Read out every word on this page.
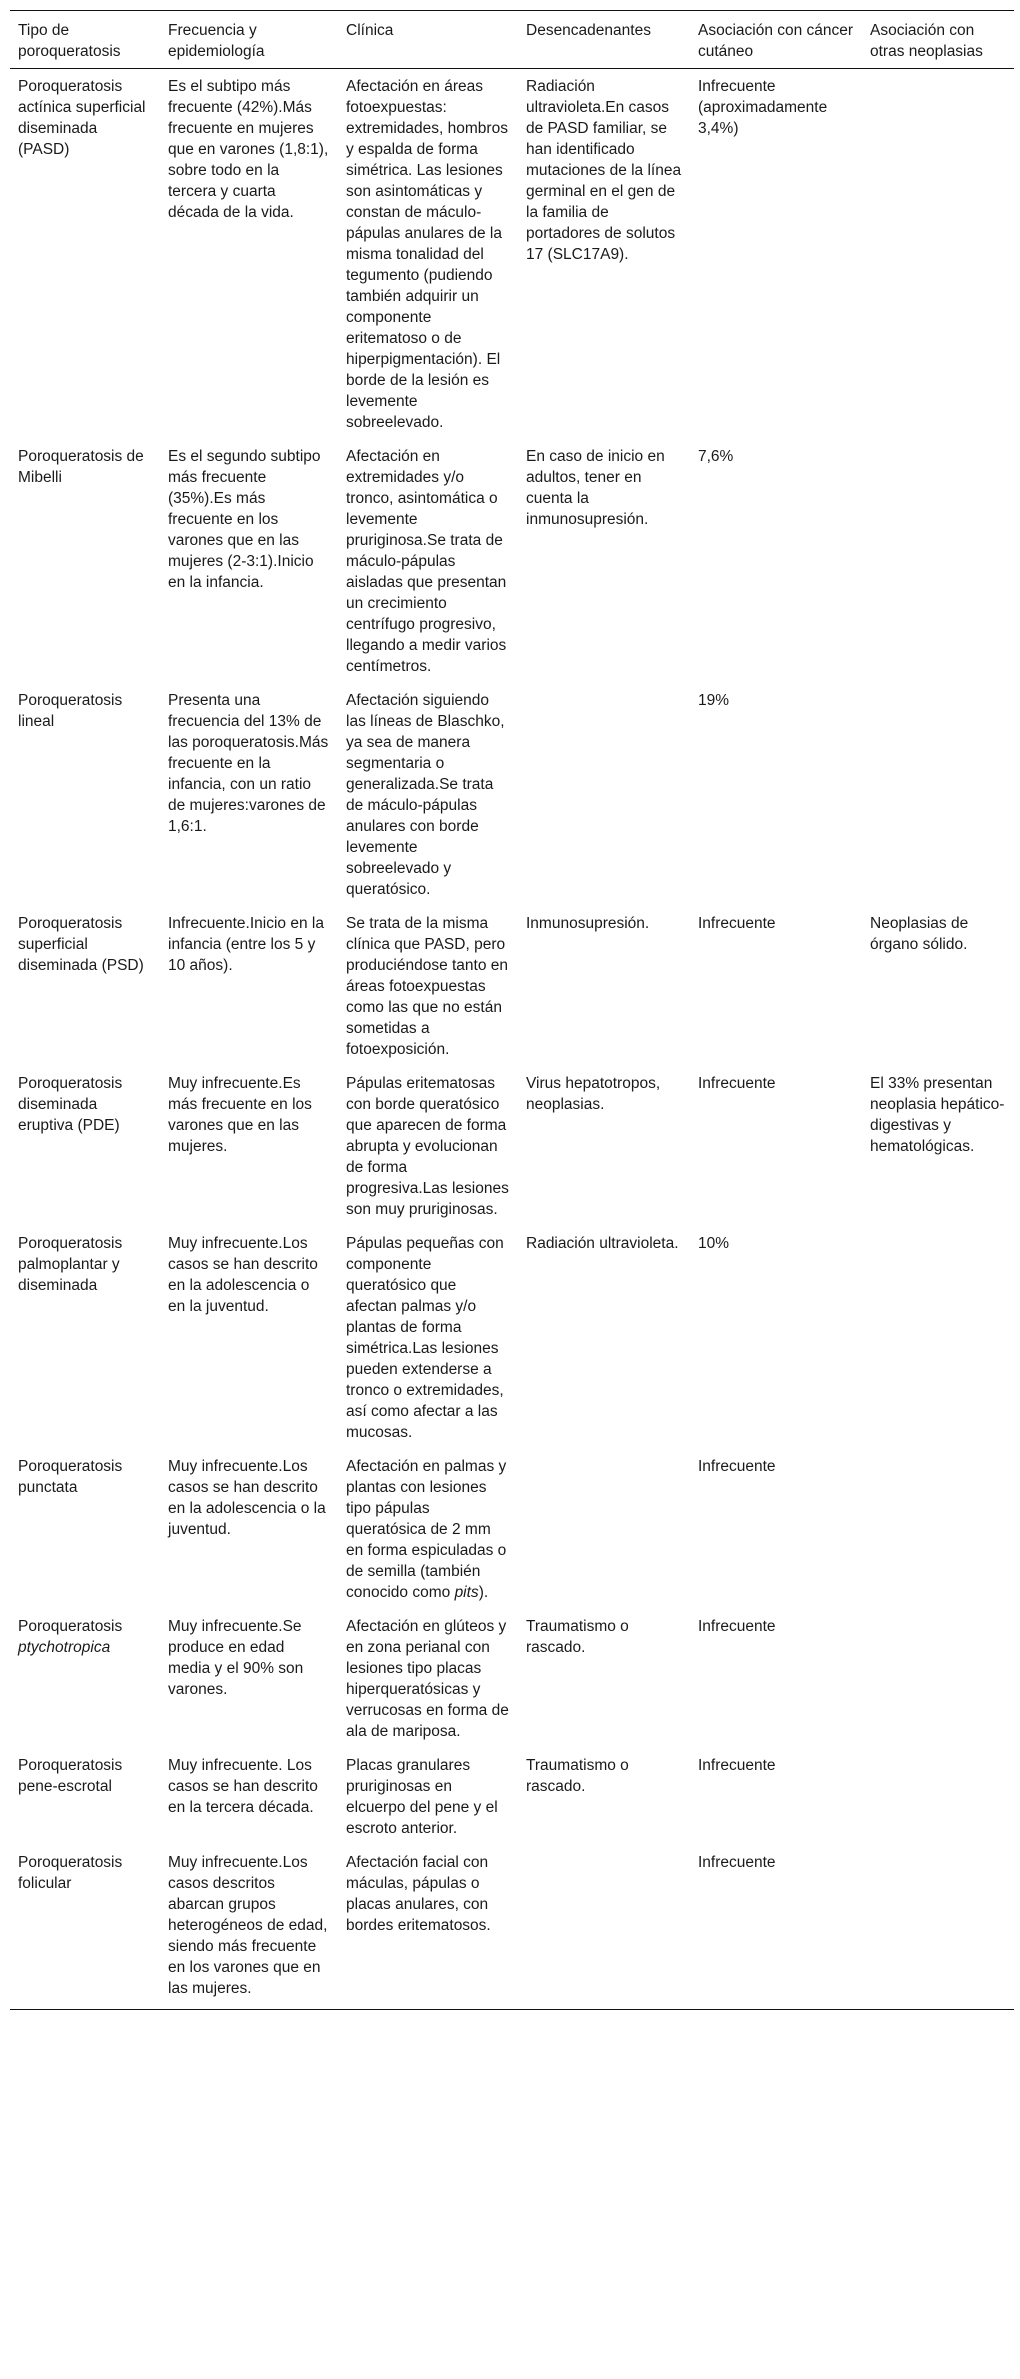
Tipo de poroqueratosis	Frecuencia y epidemiología	Clínica	Desencadenantes	Asociación con cáncer cutáneo	Asociación con otras neoplasias
Poroqueratosis actínica superficial diseminada (PASD)	Es el subtipo más frecuente (42%).Más frecuente en mujeres que en varones (1,8:1), sobre todo en la tercera y cuarta década de la vida.	Afectación en áreas fotoexpuestas: extremidades, hombros y espalda de forma simétrica. Las lesiones son asintomáticas y constan de máculo-pápulas anulares de la misma tonalidad del tegumento (pudiendo también adquirir un componente eritematoso o de hiperpigmentación). El borde de la lesión es levemente sobreelevado.	Radiación ultravioleta.En casos de PASD familiar, se han identificado mutaciones de la línea germinal en el gen de la familia de portadores de solutos 17 (SLC17A9).	Infrecuente (aproximadamente 3,4%)	
Poroqueratosis de Mibelli	Es el segundo subtipo más frecuente (35%).Es más frecuente en los varones que en las mujeres (2-3:1).Inicio en la infancia.	Afectación en extremidades y/o tronco, asintomática o levemente pruriginosa.Se trata de máculo-pápulas aisladas que presentan un crecimiento centrífugo progresivo, llegando a medir varios centímetros.	En caso de inicio en adultos, tener en cuenta la inmunosupresión.	7,6%	
Poroqueratosis lineal	Presenta una frecuencia del 13% de las poroqueratosis.Más frecuente en la infancia, con un ratio de mujeres:varones de 1,6:1.	Afectación siguiendo las líneas de Blaschko, ya sea de manera segmentaria o generalizada.Se trata de máculo-pápulas anulares con borde levemente sobreelevado y queratósico.		19%	
Poroqueratosis superficial diseminada (PSD)	Infrecuente.Inicio en la infancia (entre los 5 y 10 años).	Se trata de la misma clínica que PASD, pero produciéndose tanto en áreas fotoexpuestas como las que no están sometidas a fotoexposición.	Inmunosupresión.	Infrecuente	Neoplasias de órgano sólido.
Poroqueratosis diseminada eruptiva (PDE)	Muy infrecuente.Es más frecuente en los varones que en las mujeres.	Pápulas eritematosas con borde queratósico que aparecen de forma abrupta y evolucionan de forma progresiva.Las lesiones son muy pruriginosas.	Virus hepatotropos, neoplasias.	Infrecuente	El 33% presentan neoplasia hepático-digestivas y hematológicas.
Poroqueratosis palmoplantar y diseminada	Muy infrecuente.Los casos se han descrito en la adolescencia o en la juventud.	Pápulas pequeñas con componente queratósico que afectan palmas y/o plantas de forma simétrica.Las lesiones pueden extenderse a tronco o extremidades, así como afectar a las mucosas.	Radiación ultravioleta.	10%	
Poroqueratosis punctata	Muy infrecuente.Los casos se han descrito en la adolescencia o la juventud.	Afectación en palmas y plantas con lesiones tipo pápulas queratósica de 2 mm en forma espiculadas o de semilla (también conocido como pits).		Infrecuente	
Poroqueratosis ptychotropica	Muy infrecuente.Se produce en edad media y el 90% son varones.	Afectación en glúteos y en zona perianal con lesiones tipo placas hiperqueratósicas y verrucosas en forma de ala de mariposa.	Traumatismo o rascado.	Infrecuente	
Poroqueratosis pene-escrotal	Muy infrecuente. Los casos se han descrito en la tercera década.	Placas granulares pruriginosas en elcuerpo del pene y el escroto anterior.	Traumatismo o rascado.	Infrecuente	
Poroqueratosis folicular	Muy infrecuente.Los casos descritos abarcan grupos heterogéneos de edad, siendo más frecuente en los varones que en las mujeres.	Afectación facial con máculas, pápulas o placas anulares, con bordes eritematosos.		Infrecuente	
